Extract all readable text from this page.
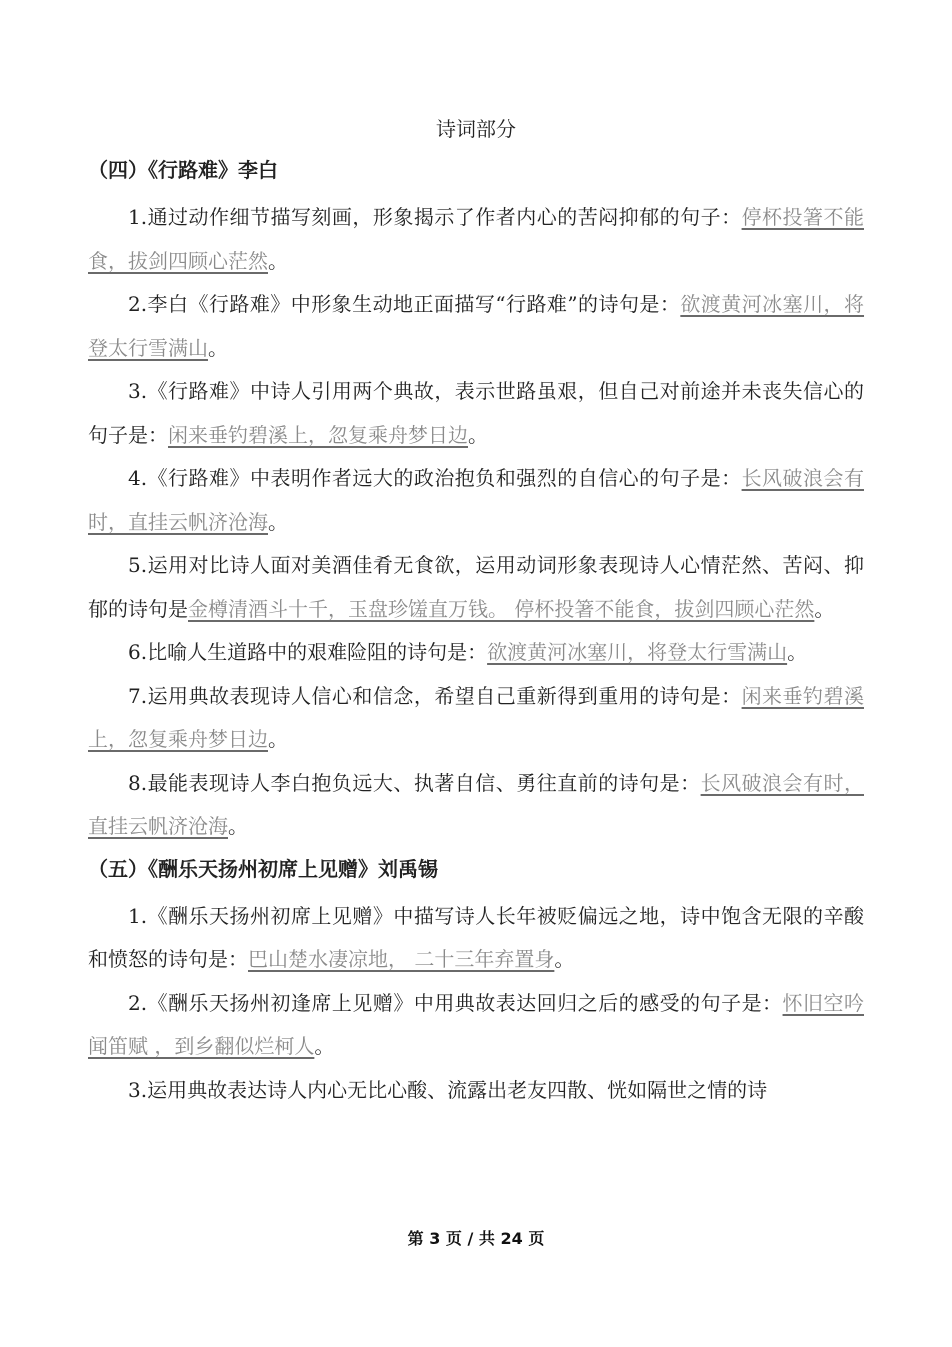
诗词部分
（四）《行路难》李白

1.通过动作细节描写刻画，形象揭示了作者内心的苦闷抑郁的句子：停杯投箸不能食，拔剑四顾心茫然。

2.李白《行路难》中形象生动地正面描写“行路难”的诗句是：欲渡黄河冰塞川，将登太行雪满山。

3.《行路难》中诗人引用两个典故，表示世路虽艰，但自己对前途并未丧失信心的句子是：闲来垂钓碧溪上，忽复乘舟梦日边。

4.《行路难》中表明作者远大的政治抱负和强烈的自信心的句子是：长风破浪会有时，直挂云帆济沧海。

5.运用对比诗人面对美酒佳肴无食欲，运用动词形象表现诗人心情茫然、苦闷、抑郁的诗句是金樽清酒斗十千，玉盘珍馐直万钱。 停杯投箸不能食，拔剑四顾心茫然。

6.比喻人生道路中的艰难险阻的诗句是：欲渡黄河冰塞川，将登太行雪满山。

7.运用典故表现诗人信心和信念，希望自己重新得到重用的诗句是：闲来垂钓碧溪上，忽复乘舟梦日边。

8.最能表现诗人李白抱负远大、执著自信、勇往直前的诗句是：长风破浪会有时，直挂云帆济沧海。

（五）《酬乐天扬州初席上见赠》刘禹锡

1.《酬乐天扬州初席上见赠》中描写诗人长年被贬偏远之地，诗中饱含无限的辛酸和愤怒的诗句是：巴山楚水凄凉地， 二十三年弃置身。

2.《酬乐天扬州初逢席上见赠》中用典故表达回归之后的感受的句子是：怀旧空吟闻笛赋 ，到乡翻似烂柯人。

3.运用典故表达诗人内心无比心酸、流露出老友四散、恍如隔世之情的诗

第 3 页 / 共 24 页
